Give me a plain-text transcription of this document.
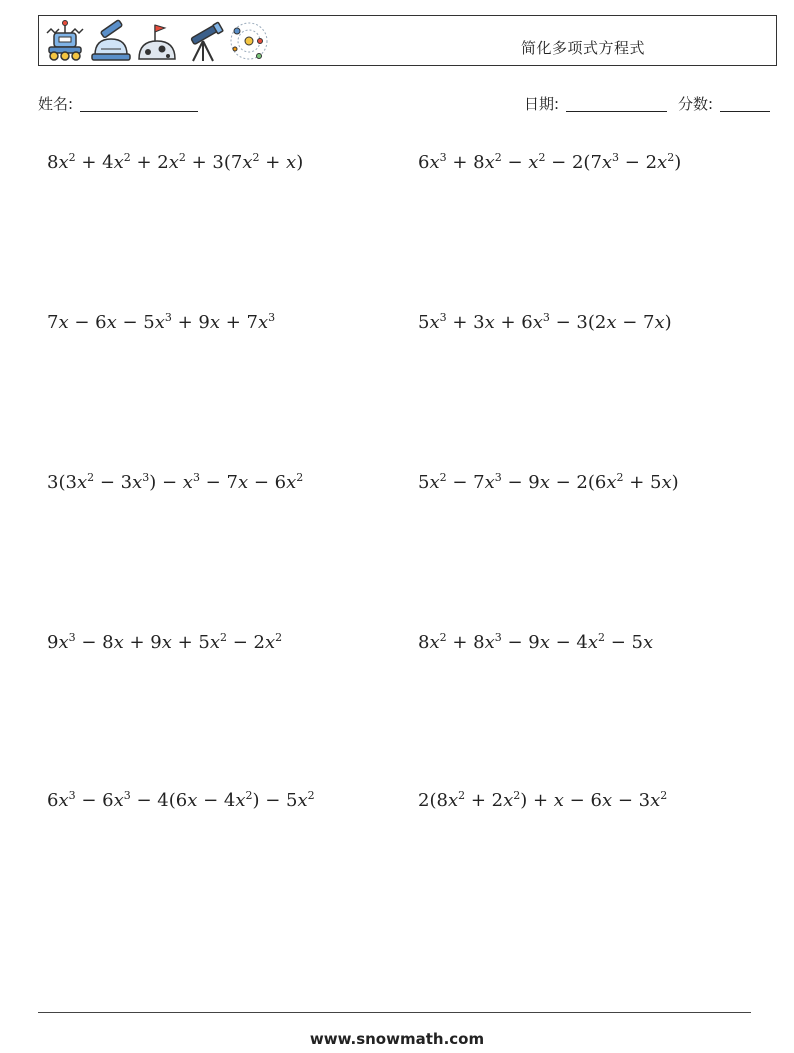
简化多项式方程式
姓名:	日期:	分数:
$8x^2 + 4x^2 + 2x^2 + 3(7x^2 + x)$	$6x^3 + 8x^2 - x^2 - 2(7x^3 - 2x^2)$
$7x - 6x - 5x^3 + 9x + 7x^3$	$5x^3 + 3x + 6x^3 - 3(2x - 7x)$
$3(3x^2 - 3x^3) - x^3 - 7x - 6x^2$	$5x^2 - 7x^3 - 9x - 2(6x^2 + 5x)$
$9x^3 - 8x + 9x + 5x^2 - 2x^2$	$8x^2 + 8x^3 - 9x - 4x^2 - 5x$
$6x^3 - 6x^3 - 4(6x - 4x^2) - 5x^2$	$2(8x^2 + 2x^2) + x - 6x - 3x^2$
www.snowmath.com
